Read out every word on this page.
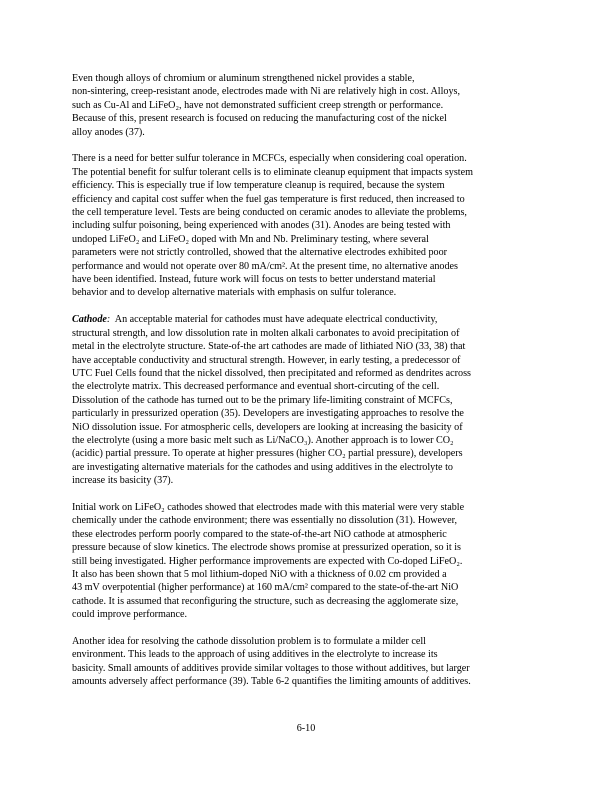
Even though alloys of chromium or aluminum strengthened nickel provides a stable,
non-sintering, creep-resistant anode, electrodes made with Ni are relatively high in cost. Alloys,
such as Cu-Al and LiFeO₂, have not demonstrated sufficient creep strength or performance.
Because of this, present research is focused on reducing the manufacturing cost of the nickel
alloy anodes (37).

There is a need for better sulfur tolerance in MCFCs, especially when considering coal operation.
The potential benefit for sulfur tolerant cells is to eliminate cleanup equipment that impacts system
efficiency. This is especially true if low temperature cleanup is required, because the system
efficiency and capital cost suffer when the fuel gas temperature is first reduced, then increased to
the cell temperature level. Tests are being conducted on ceramic anodes to alleviate the problems,
including sulfur poisoning, being experienced with anodes (31). Anodes are being tested with
undoped LiFeO₂ and LiFeO₂ doped with Mn and Nb. Preliminary testing, where several
parameters were not strictly controlled, showed that the alternative electrodes exhibited poor
performance and would not operate over 80 mA/cm². At the present time, no alternative anodes
have been identified. Instead, future work will focus on tests to better understand material
behavior and to develop alternative materials with emphasis on sulfur tolerance.

Cathode:  An acceptable material for cathodes must have adequate electrical conductivity,
structural strength, and low dissolution rate in molten alkali carbonates to avoid precipitation of
metal in the electrolyte structure. State-of-the art cathodes are made of lithiated NiO (33, 38) that
have acceptable conductivity and structural strength. However, in early testing, a predecessor of
UTC Fuel Cells found that the nickel dissolved, then precipitated and reformed as dendrites across
the electrolyte matrix. This decreased performance and eventual short-circuting of the cell.
Dissolution of the cathode has turned out to be the primary life-limiting constraint of MCFCs,
particularly in pressurized operation (35). Developers are investigating approaches to resolve the
NiO dissolution issue. For atmospheric cells, developers are looking at increasing the basicity of
the electrolyte (using a more basic melt such as Li/NaCO₃). Another approach is to lower CO₂
(acidic) partial pressure. To operate at higher pressures (higher CO₂ partial pressure), developers
are investigating alternative materials for the cathodes and using additives in the electrolyte to
increase its basicity (37).

Initial work on LiFeO₂ cathodes showed that electrodes made with this material were very stable
chemically under the cathode environment; there was essentially no dissolution (31). However,
these electrodes perform poorly compared to the state-of-the-art NiO cathode at atmospheric
pressure because of slow kinetics. The electrode shows promise at pressurized operation, so it is
still being investigated. Higher performance improvements are expected with Co-doped LiFeO₂.
It also has been shown that 5 mol lithium-doped NiO with a thickness of 0.02 cm provided a
43 mV overpotential (higher performance) at 160 mA/cm² compared to the state-of-the-art NiO
cathode. It is assumed that reconfiguring the structure, such as decreasing the agglomerate size,
could improve performance.

Another idea for resolving the cathode dissolution problem is to formulate a milder cell
environment. This leads to the approach of using additives in the electrolyte to increase its
basicity. Small amounts of additives provide similar voltages to those without additives, but larger
amounts adversely affect performance (39). Table 6-2 quantifies the limiting amounts of additives.

6-10
